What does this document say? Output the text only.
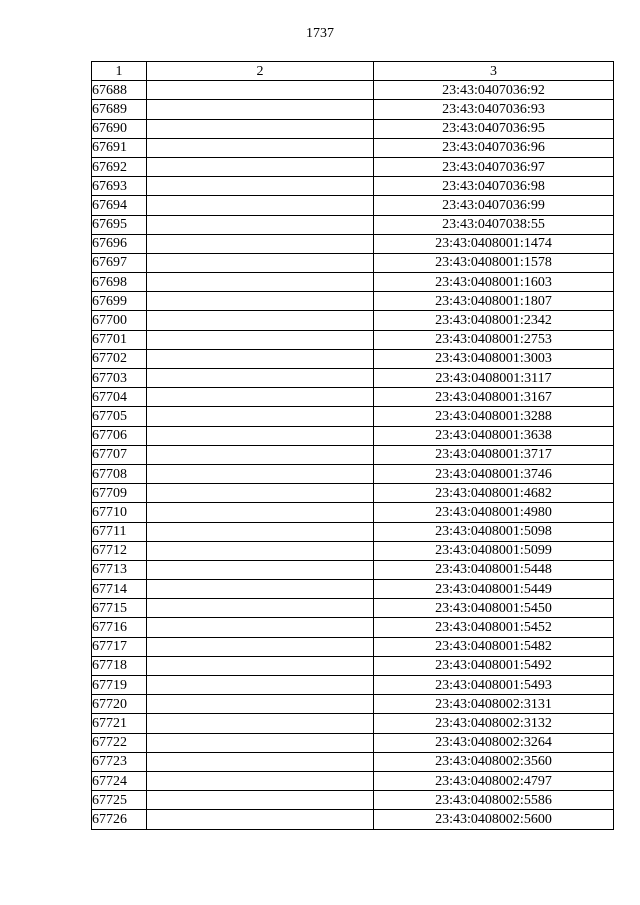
1737
1	2	3
67688		23:43:0407036:92
67689		23:43:0407036:93
67690		23:43:0407036:95
67691		23:43:0407036:96
67692		23:43:0407036:97
67693		23:43:0407036:98
67694		23:43:0407036:99
67695		23:43:0407038:55
67696		23:43:0408001:1474
67697		23:43:0408001:1578
67698		23:43:0408001:1603
67699		23:43:0408001:1807
67700		23:43:0408001:2342
67701		23:43:0408001:2753
67702		23:43:0408001:3003
67703		23:43:0408001:3117
67704		23:43:0408001:3167
67705		23:43:0408001:3288
67706		23:43:0408001:3638
67707		23:43:0408001:3717
67708		23:43:0408001:3746
67709		23:43:0408001:4682
67710		23:43:0408001:4980
67711		23:43:0408001:5098
67712		23:43:0408001:5099
67713		23:43:0408001:5448
67714		23:43:0408001:5449
67715		23:43:0408001:5450
67716		23:43:0408001:5452
67717		23:43:0408001:5482
67718		23:43:0408001:5492
67719		23:43:0408001:5493
67720		23:43:0408002:3131
67721		23:43:0408002:3132
67722		23:43:0408002:3264
67723		23:43:0408002:3560
67724		23:43:0408002:4797
67725		23:43:0408002:5586
67726		23:43:0408002:5600
